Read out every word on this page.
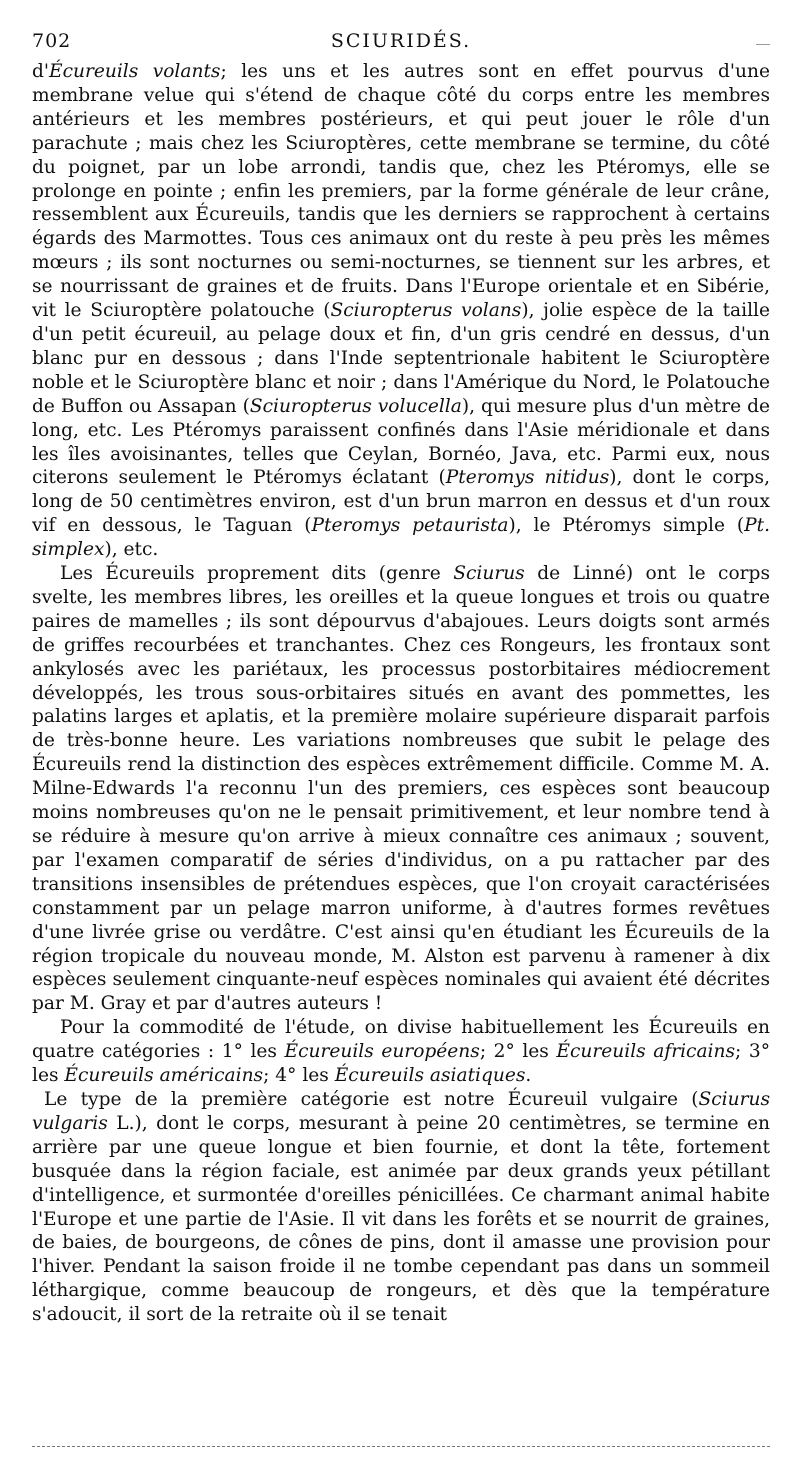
702	SCIURIDÉS.

d'Écureuils volants; les uns et les autres sont en effet pourvus d'une membrane velue qui s'étend de chaque côté du corps entre les membres antérieurs et les membres postérieurs, et qui peut jouer le rôle d'un parachute ; mais chez les Sciuroptères, cette membrane se termine, du côté du poignet, par un lobe arrondi, tandis que, chez les Ptéromys, elle se prolonge en pointe ; enfin les premiers, par la forme générale de leur crâne, ressemblent aux Écureuils, tandis que les derniers se rapprochent à certains égards des Marmottes. Tous ces animaux ont du reste à peu près les mêmes mœurs ; ils sont nocturnes ou semi-nocturnes, se tiennent sur les arbres, et se nourrissant de graines et de fruits. Dans l'Europe orientale et en Sibérie, vit le Sciuroptère polatouche (Sciuropterus volans), jolie espèce de la taille d'un petit écureuil, au pelage doux et fin, d'un gris cendré en dessus, d'un blanc pur en dessous ; dans l'Inde septentrionale habitent le Sciuroptère noble et le Sciuroptère blanc et noir ; dans l'Amérique du Nord, le Polatouche de Buffon ou Assapan (Sciuropterus volucella), qui mesure plus d'un mètre de long, etc. Les Ptéromys paraissent confinés dans l'Asie méridionale et dans les îles avoisinantes, telles que Ceylan, Bornéo, Java, etc. Parmi eux, nous citerons seulement le Ptéromys éclatant (Pteromys nitidus), dont le corps, long de 50 centimètres environ, est d'un brun marron en dessus et d'un roux vif en dessous, le Taguan (Pteromys petaurista), le Ptéromys simple (Pt. simplex), etc.

Les Écureuils proprement dits (genre Sciurus de Linné) ont le corps svelte, les membres libres, les oreilles et la queue longues et trois ou quatre paires de mamelles ; ils sont dépourvus d'abajoues. Leurs doigts sont armés de griffes recourbées et tranchantes. Chez ces Rongeurs, les frontaux sont ankylosés avec les pariétaux, les processus postorbitaires médiocrement développés, les trous sous-orbitaires situés en avant des pommettes, les palatins larges et aplatis, et la première molaire supérieure disparait parfois de très-bonne heure. Les variations nombreuses que subit le pelage des Écureuils rend la distinction des espèces extrêmement difficile. Comme M. A. Milne-Edwards l'a reconnu l'un des premiers, ces espèces sont beaucoup moins nombreuses qu'on ne le pensait primitivement, et leur nombre tend à se réduire à mesure qu'on arrive à mieux connaître ces animaux ; souvent, par l'examen comparatif de séries d'individus, on a pu rattacher par des transitions insensibles de prétendues espèces, que l'on croyait caractérisées constamment par un pelage marron uniforme, à d'autres formes revêtues d'une livrée grise ou verdâtre. C'est ainsi qu'en étudiant les Écureuils de la région tropicale du nouveau monde, M. Alston est parvenu à ramener à dix espèces seulement cinquante-neuf espèces nominales qui avaient été décrites par M. Gray et par d'autres auteurs !

Pour la commodité de l'étude, on divise habituellement les Écureuils en quatre catégories : 1° les Écureuils européens; 2° les Écureuils africains; 3° les Écureuils américains; 4° les Écureuils asiatiques.

Le type de la première catégorie est notre Écureuil vulgaire (Sciurus vulgaris L.), dont le corps, mesurant à peine 20 centimètres, se termine en arrière par une queue longue et bien fournie, et dont la tête, fortement busquée dans la région faciale, est animée par deux grands yeux pétillant d'intelligence, et surmontée d'oreilles pénicillées. Ce charmant animal habite l'Europe et une partie de l'Asie. Il vit dans les forêts et se nourrit de graines, de baies, de bourgeons, de cônes de pins, dont il amasse une provision pour l'hiver. Pendant la saison froide il ne tombe cependant pas dans un sommeil léthargique, comme beaucoup de rongeurs, et dès que la température s'adoucit, il sort de la retraite où il se tenait
